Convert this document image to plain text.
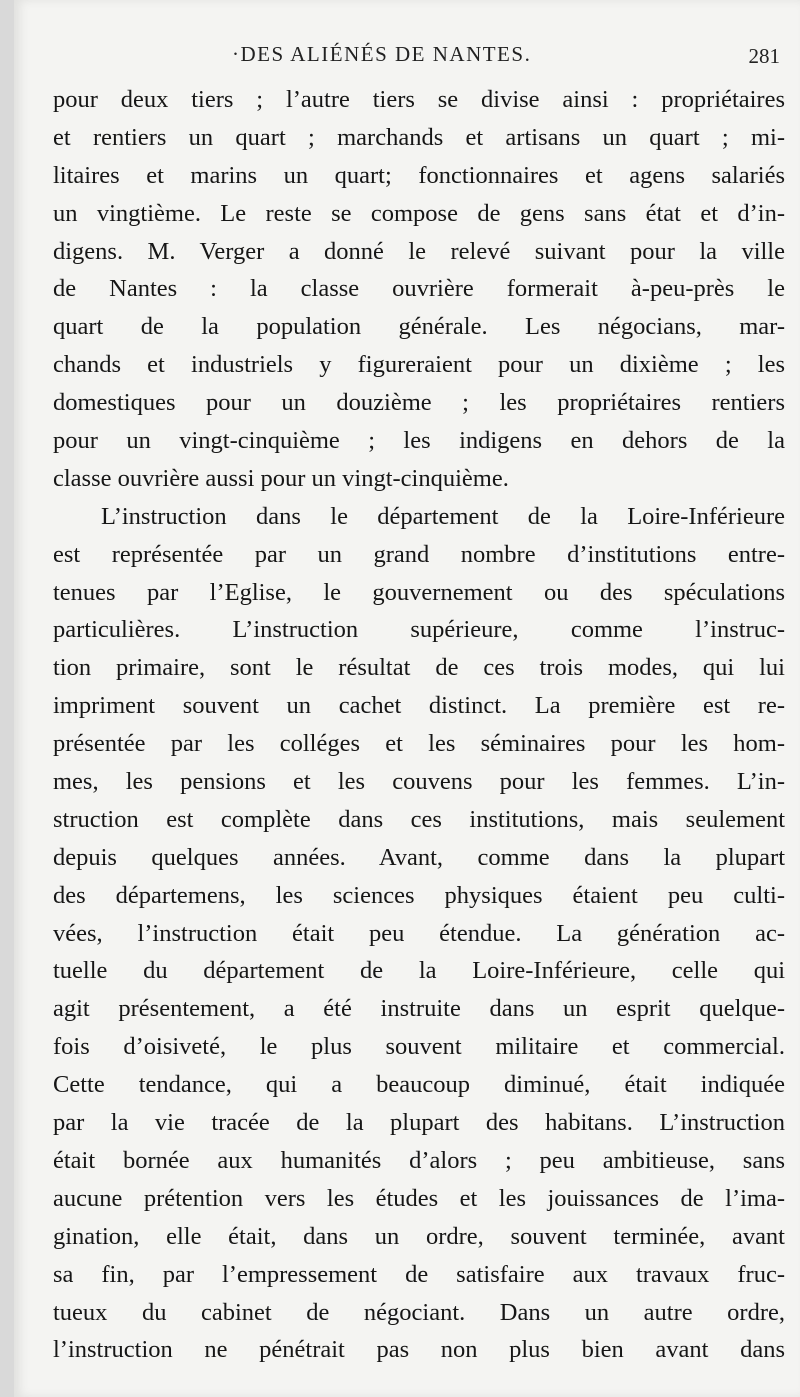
·DES ALIÉNÉS DE NANTES.	281
pour deux tiers ; l’autre tiers se divise ainsi : propriétaires
et rentiers un quart ; marchands et artisans un quart ; mi-
litaires et marins un quart; fonctionnaires et agens salariés
un vingtième. Le reste se compose de gens sans état et d’in-
digens. M. Verger a donné le relevé suivant pour la ville
de Nantes : la classe ouvrière formerait à-peu-près le
quart de la population générale. Les négocians, mar-
chands et industriels y figureraient pour un dixième ; les
domestiques pour un douzième ; les propriétaires rentiers
pour un vingt-cinquième ; les indigens en dehors de la
classe ouvrière aussi pour un vingt-cinquième.
L’instruction dans le département de la Loire-Inférieure
est représentée par un grand nombre d’institutions entre-
tenues par l’Eglise, le gouvernement ou des spéculations
particulières. L’instruction supérieure, comme l’instruc-
tion primaire, sont le résultat de ces trois modes, qui lui
impriment souvent un cachet distinct. La première est re-
présentée par les colléges et les séminaires pour les hom-
mes, les pensions et les couvens pour les femmes. L’in-
struction est complète dans ces institutions, mais seulement
depuis quelques années. Avant, comme dans la plupart
des départemens, les sciences physiques étaient peu culti-
vées, l’instruction était peu étendue. La génération ac-
tuelle du département de la Loire-Inférieure, celle qui
agit présentement, a été instruite dans un esprit quelque-
fois d’oisiveté, le plus souvent militaire et commercial.
Cette tendance, qui a beaucoup diminué, était indiquée
par la vie tracée de la plupart des habitans. L’instruction
était bornée aux humanités d’alors ; peu ambitieuse, sans
aucune prétention vers les études et les jouissances de l’ima-
gination, elle était, dans un ordre, souvent terminée, avant
sa fin, par l’empressement de satisfaire aux travaux fruc-
tueux du cabinet de négociant. Dans un autre ordre,
l’instruction ne pénétrait pas non plus bien avant dans
